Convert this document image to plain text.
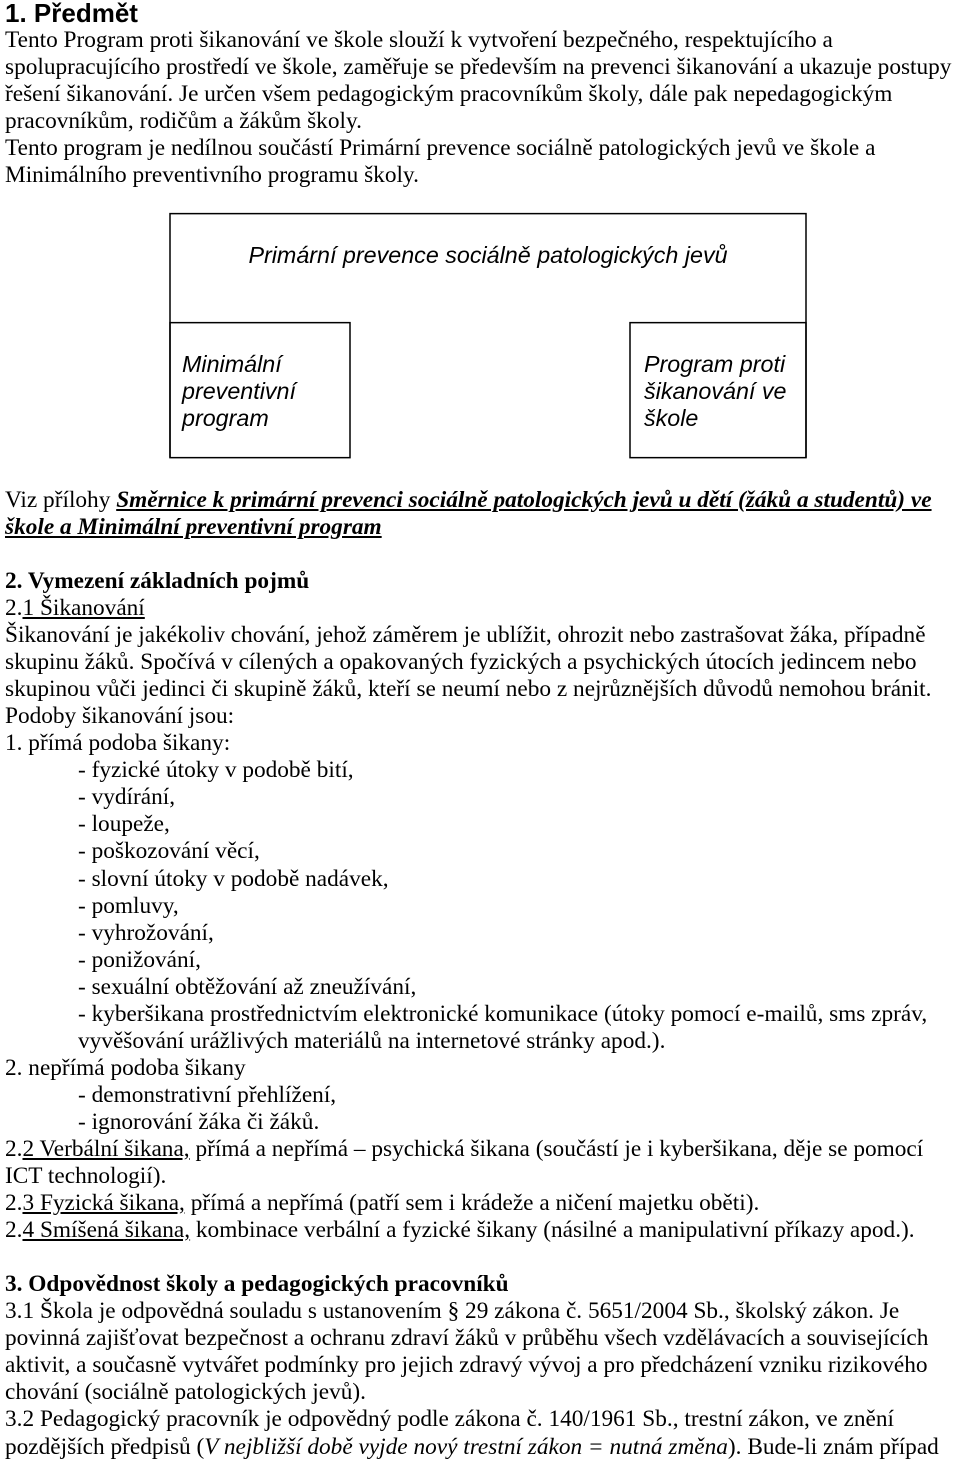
1. Předmět
Tento Program proti šikanování ve škole slouží k vytvoření bezpečného, respektujícího a
spolupracujícího prostředí ve škole, zaměřuje se především na prevenci šikanování a ukazuje postupy
řešení šikanování. Je určen všem pedagogickým pracovníkům školy, dále pak nepedagogickým
pracovníkům, rodičům a žákům školy.
Tento program je nedílnou součástí Primární prevence sociálně patologických jevů ve škole a
Minimálního preventivního programu školy.
Primární prevence sociálně patologických jevů
Minimální
preventivní
program
Program proti
šikanování ve
škole
Viz přílohy Směrnice k primární prevenci sociálně patologických jevů u dětí (žáků a studentů) ve
škole a Minimální preventivní program
2. Vymezení základních pojmů
2.1 Šikanování
Šikanování je jakékoliv chování, jehož záměrem je ublížit, ohrozit nebo zastrašovat žáka, případně
skupinu žáků. Spočívá v cílených a opakovaných fyzických a psychických útocích jedincem nebo
skupinou vůči jedinci či skupině žáků, kteří se neumí nebo z nejrůznějších důvodů nemohou bránit.
Podoby šikanování jsou:
1. přímá podoba šikany:
- fyzické útoky v podobě bití,
- vydírání,
- loupeže,
- poškozování věcí,
- slovní útoky v podobě nadávek,
- pomluvy,
- vyhrožování,
- ponižování,
- sexuální obtěžování až zneužívání,
- kyberšikana prostřednictvím elektronické komunikace (útoky pomocí e-mailů, sms zpráv,
vyvěšování urážlivých materiálů na internetové stránky apod.).
2. nepřímá podoba šikany
- demonstrativní přehlížení,
- ignorování žáka či žáků.
2.2 Verbální šikana, přímá a nepřímá – psychická šikana (součástí je i kyberšikana, děje se pomocí
ICT technologií).
2.3 Fyzická šikana, přímá a nepřímá (patří sem i krádeže a ničení majetku oběti).
2.4 Smíšená šikana, kombinace verbální a fyzické šikany (násilné a manipulativní příkazy apod.).
3. Odpovědnost školy a pedagogických pracovníků
3.1 Škola je odpovědná souladu s ustanovením § 29 zákona č. 5651/2004 Sb., školský zákon. Je
povinná zajišťovat bezpečnost a ochranu zdraví žáků v průběhu všech vzdělávacích a souvisejících
aktivit, a současně vytvářet podmínky pro jejich zdravý vývoj a pro předcházení vzniku rizikového
chování (sociálně patologických jevů).
3.2 Pedagogický pracovník je odpovědný podle zákona č. 140/1961 Sb., trestní zákon, ve znění
pozdějších předpisů (V nejbližší době vyjde nový trestní zákon = nutná změna). Bude-li znám případ
